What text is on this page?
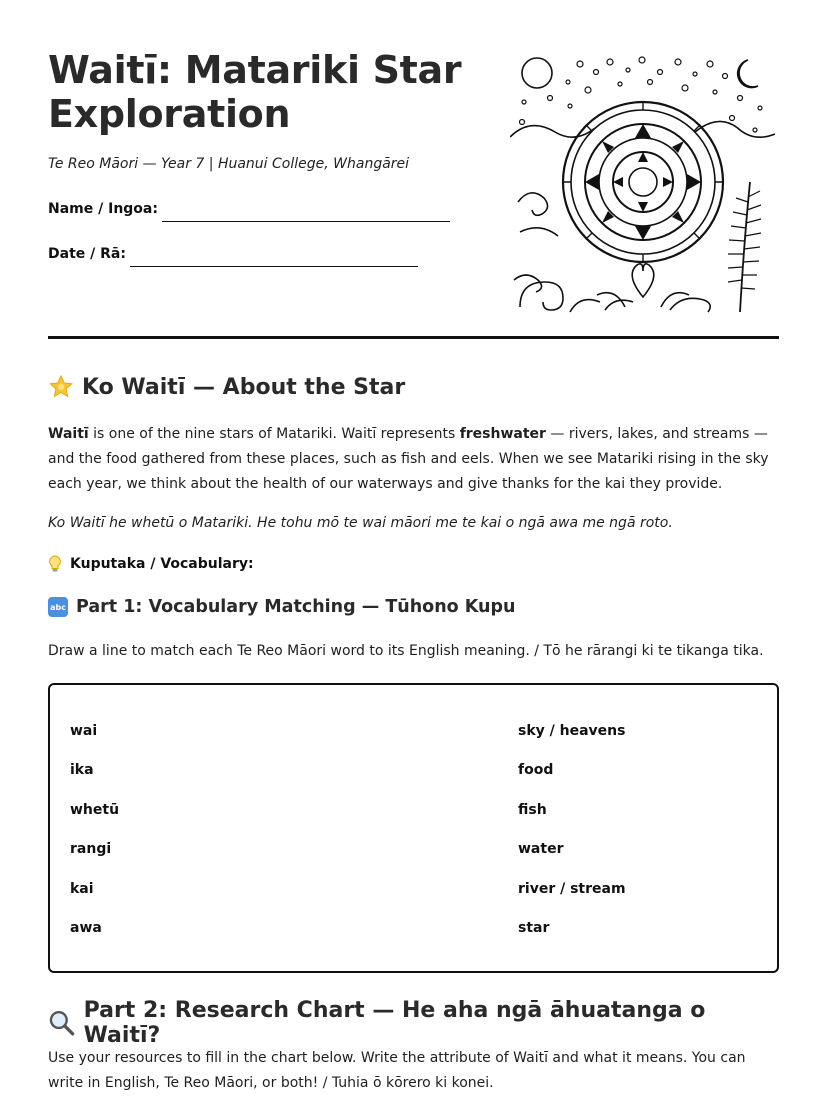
Waitī: Matariki Star Exploration
Te Reo Māori — Year 7 | Huanui College, Whangārei
Name / Ingoa:
Date / Rā:
Ko Waitī — About the Star

Waitī is one of the nine stars of Matariki. Waitī represents freshwater — rivers, lakes, and streams — and the food gathered from these places, such as fish and eels. When we see Matariki rising in the sky each year, we think about the health of our waterways and give thanks for the kai they provide.

Ko Waitī he whetū o Matariki. He tohu mō te wai māori me te kai o ngā awa me ngā roto.

Kuputaka / Vocabulary:
abc Part 1: Vocabulary Matching — Tūhono Kupu

Draw a line to match each Te Reo Māori word to its English meaning. / Tō he rārangi ki te tikanga tika.

wai
ika
whetū
rangi
kai
awa
sky / heavens
food
fish
water
river / stream
star
Part 2: Research Chart — He aha ngā āhuatanga o Waitī?

Use your resources to fill in the chart below. Write the attribute of Waitī and what it means. You can write in English, Te Reo Māori, or both! / Tuhia ō kōrero ki konei.
